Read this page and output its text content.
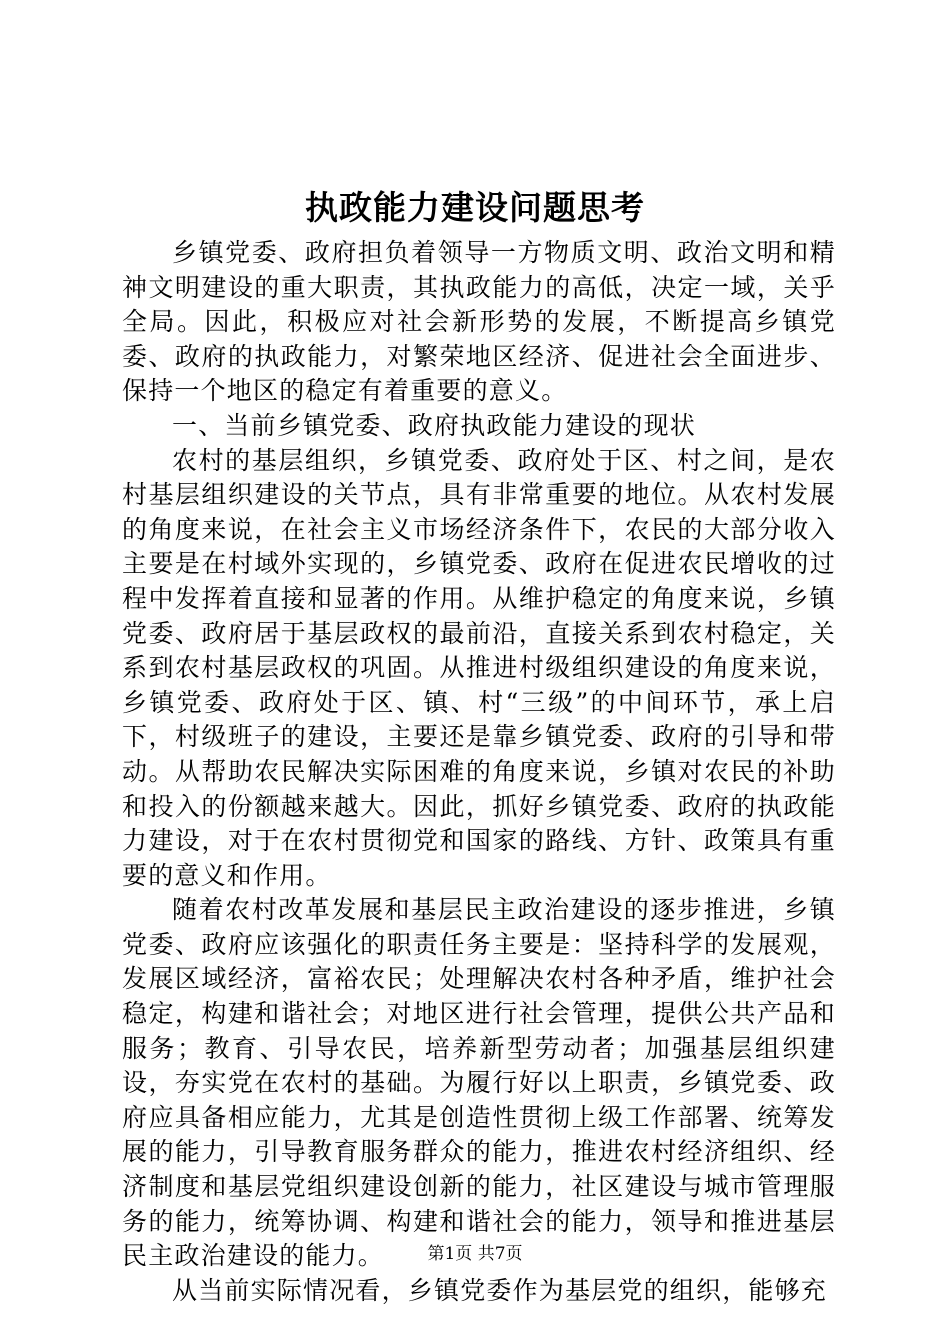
执政能力建设问题思考

乡镇党委、政府担负着领导一方物质文明、政治文明和精神文明建设的重大职责，其执政能力的高低，决定一域，关乎全局。因此，积极应对社会新形势的发展，不断提高乡镇党委、政府的执政能力，对繁荣地区经济、促进社会全面进步、保持一个地区的稳定有着重要的意义。

一、当前乡镇党委、政府执政能力建设的现状

农村的基层组织，乡镇党委、政府处于区、村之间，是农村基层组织建设的关节点，具有非常重要的地位。从农村发展的角度来说，在社会主义市场经济条件下，农民的大部分收入主要是在村域外实现的，乡镇党委、政府在促进农民增收的过程中发挥着直接和显著的作用。从维护稳定的角度来说，乡镇党委、政府居于基层政权的最前沿，直接关系到农村稳定，关系到农村基层政权的巩固。从推进村级组织建设的角度来说，乡镇党委、政府处于区、镇、村“三级”的中间环节，承上启下，村级班子的建设，主要还是靠乡镇党委、政府的引导和带动。从帮助农民解决实际困难的角度来说，乡镇对农民的补助和投入的份额越来越大。因此，抓好乡镇党委、政府的执政能力建设，对于在农村贯彻党和国家的路线、方针、政策具有重要的意义和作用。

随着农村改革发展和基层民主政治建设的逐步推进，乡镇党委、政府应该强化的职责任务主要是：坚持科学的发展观，发展区域经济，富裕农民；处理解决农村各种矛盾，维护社会稳定，构建和谐社会；对地区进行社会管理，提供公共产品和服务；教育、引导农民，培养新型劳动者；加强基层组织建设，夯实党在农村的基础。为履行好以上职责，乡镇党委、政府应具备相应能力，尤其是创造性贯彻上级工作部署、统筹发展的能力，引导教育服务群众的能力，推进农村经济组织、经济制度和基层党组织建设创新的能力，社区建设与城市管理服务的能力，统筹协调、构建和谐社会的能力，领导和推进基层民主政治建设的能力。

从当前实际情况看，乡镇党委作为基层党的组织，能够充

第1页 共7页
